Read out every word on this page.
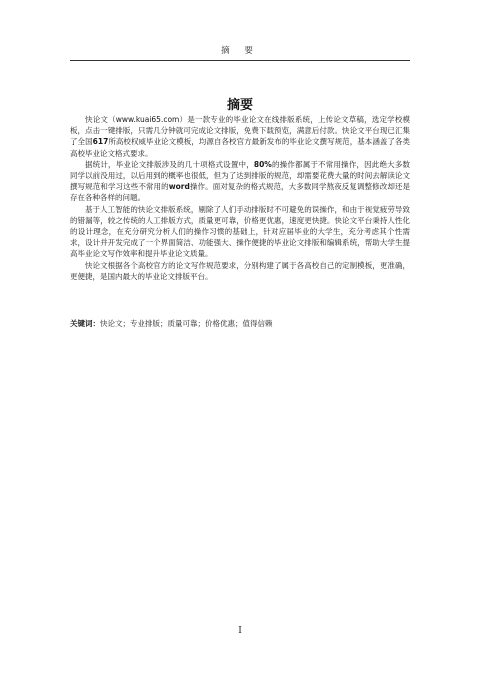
摘 要
摘要

快论文（www.kuai65.com）是一款专业的毕业论文在线排版系统，上传论文草稿，选定学校模板，点击一键排版，只需几分钟就可完成论文排版，免费下载预览，满意后付款。快论文平台现已汇集了全国617所高校权威毕业论文模板，均源自各校官方最新发布的毕业论文撰写规范，基本涵盖了各类高校毕业论文格式要求。

据统计，毕业论文排版涉及的几十项格式设置中，80%的操作都属于不常用操作，因此绝大多数同学以前没用过，以后用到的概率也很低，但为了达到排版的规范，却需要花费大量的时间去解读论文撰写规范和学习这些不常用的word操作。面对复杂的格式规范，大多数同学熬夜反复调整修改却还是存在各种各样的问题。

基于人工智能的快论文排版系统，剔除了人们手动排版时不可避免的误操作，和由于视觉疲劳导致的错漏等，较之传统的人工排版方式，质量更可靠，价格更优惠，速度更快捷。快论文平台秉持人性化的设计理念，在充分研究分析人们的操作习惯的基础上，针对应届毕业的大学生，充分考虑其个性需求，设计并开发完成了一个界面简洁、功能强大、操作便捷的毕业论文排版和编辑系统，帮助大学生提高毕业论文写作效率和提升毕业论文质量。

快论文根据各个高校官方的论文写作规范要求，分别构建了属于各高校自己的定制模板，更准确，更便捷，是国内最大的毕业论文排版平台。

关键词：快论文；专业排版；质量可靠；价格优惠；值得信赖
I
